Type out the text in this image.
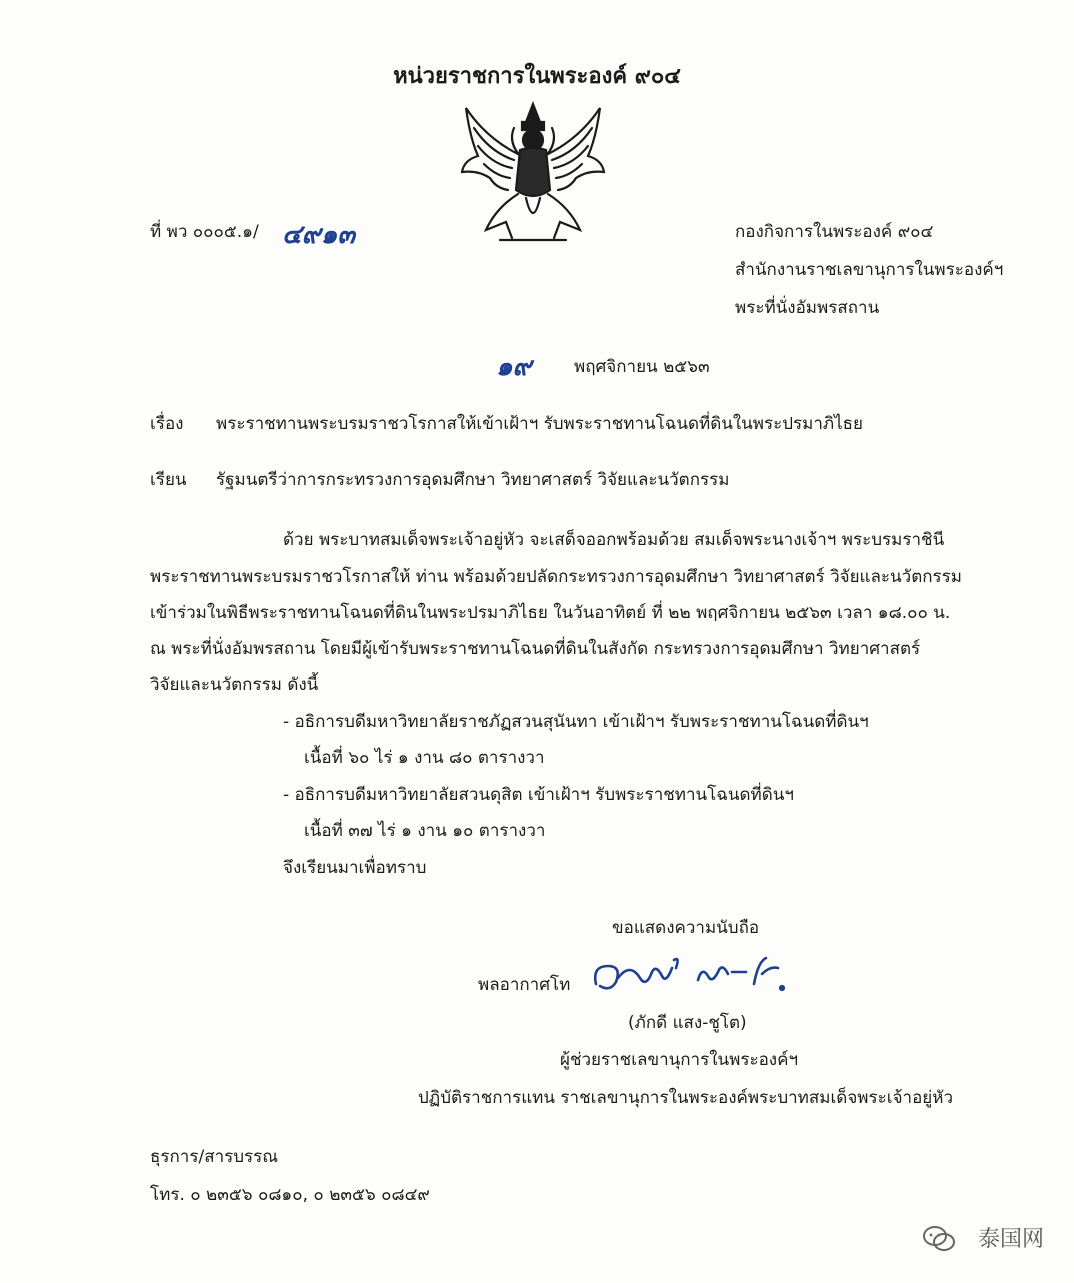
หน่วยราชการในพระองค์ ๙๐๔
ที่ พว ๐๐๐๕.๑/ ๔๙๑๓	กองกิจการในพระองค์ ๙๐๔
สำนักงานราชเลขานุการในพระองค์ฯ
พระที่นั่งอัมพรสถาน
๑๙ พฤศจิกายน ๒๕๖๓
เรื่อง พระราชทานพระบรมราชวโรกาสให้เข้าเฝ้าฯ รับพระราชทานโฉนดที่ดินในพระปรมาภิไธย
เรียน รัฐมนตรีว่าการกระทรวงการอุดมศึกษา วิทยาศาสตร์ วิจัยและนวัตกรรม
ด้วย พระบาทสมเด็จพระเจ้าอยู่หัว จะเสด็จออกพร้อมด้วย สมเด็จพระนางเจ้าฯ พระบรมราชินี
พระราชทานพระบรมราชวโรกาสให้ ท่าน พร้อมด้วยปลัดกระทรวงการอุดมศึกษา วิทยาศาสตร์ วิจัยและนวัตกรรม
เข้าร่วมในพิธีพระราชทานโฉนดที่ดินในพระปรมาภิไธย ในวันอาทิตย์ ที่ ๒๒ พฤศจิกายน ๒๕๖๓ เวลา ๑๘.๐๐ น.
ณ พระที่นั่งอัมพรสถาน โดยมีผู้เข้ารับพระราชทานโฉนดที่ดินในสังกัด กระทรวงการอุดมศึกษา วิทยาศาสตร์
วิจัยและนวัตกรรม ดังนี้
- อธิการบดีมหาวิทยาลัยราชภัฏสวนสุนันทา เข้าเฝ้าฯ รับพระราชทานโฉนดที่ดินฯ
เนื้อที่ ๖๐ ไร่ ๑ งาน ๘๐ ตารางวา
- อธิการบดีมหาวิทยาลัยสวนดุสิต เข้าเฝ้าฯ รับพระราชทานโฉนดที่ดินฯ
เนื้อที่ ๓๗ ไร่ ๑ งาน ๑๐ ตารางวา
จึงเรียนมาเพื่อทราบ
ขอแสดงความนับถือ
พลอากาศโท
(ภักดี แสง-ชูโต)
ผู้ช่วยราชเลขานุการในพระองค์ฯ
ปฏิบัติราชการแทน ราชเลขานุการในพระองค์พระบาทสมเด็จพระเจ้าอยู่หัว
ธุรการ/สารบรรณ
โทร. ๐ ๒๓๕๖ ๐๘๑๐, ๐ ๒๓๕๖ ๐๘๔๙
泰国网
